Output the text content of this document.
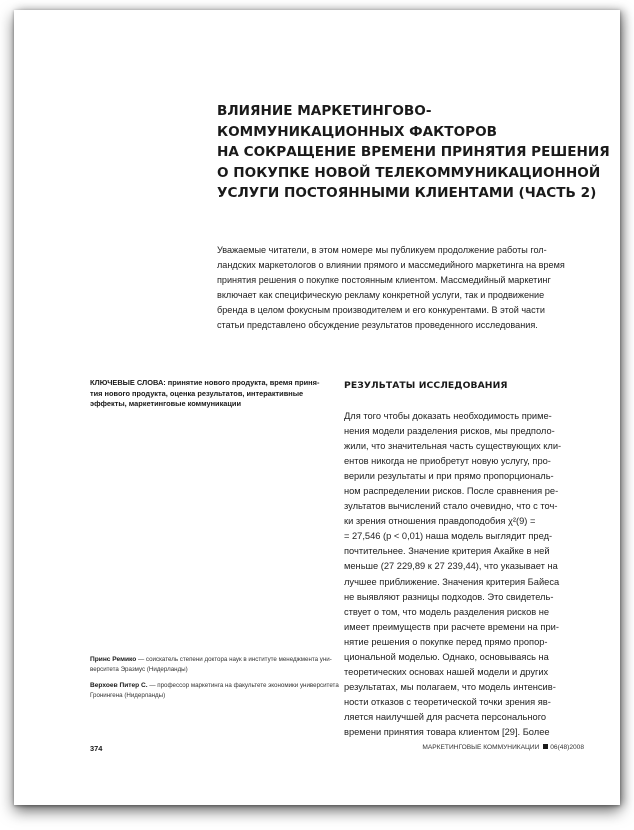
ВЛИЯНИЕ МАРКЕТИНГОВО-
КОММУНИКАЦИОННЫХ ФАКТОРОВ
НА СОКРАЩЕНИЕ ВРЕМЕНИ ПРИНЯТИЯ РЕШЕНИЯ
О ПОКУПКЕ НОВОЙ ТЕЛЕКОММУНИКАЦИОННОЙ
УСЛУГИ ПОСТОЯННЫМИ КЛИЕНТАМИ (ЧАСТЬ 2)

Уважаемые читатели, в этом номере мы публикуем продолжение работы гол-
ландских маркетологов о влиянии прямого и массмедийного маркетинга на время
принятия решения о покупке постоянным клиентом. Массмедийный маркетинг
включает как специфическую рекламу конкретной услуги, так и продвижение
бренда в целом фокусным производителем и его конкурентами. В этой части
статьи представлено обсуждение результатов проведенного исследования.

КЛЮЧЕВЫЕ СЛОВА: принятие нового продукта, время приня-
тия нового продукта, оценка результатов, интерактивные
эффекты, маркетинговые коммуникации

РЕЗУЛЬТАТЫ ИССЛЕДОВАНИЯ

Для того чтобы доказать необходимость приме-
нения модели разделения рисков, мы предполо-
жили, что значительная часть существующих кли-
ентов никогда не приобретут новую услугу, про-
верили результаты и при прямо пропорциональ-
ном распределении рисков. После сравнения ре-
зультатов вычислений стало очевидно, что с точ-
ки зрения отношения правдоподобия χ²(9) =
= 27,546 (p < 0,01) наша модель выглядит пред-
почтительнее. Значение критерия Акайке в ней
меньше (27 229,89 к 27 239,44), что указывает на
лучшее приближение. Значения критерия Байеса
не выявляют разницы подходов. Это свидетель-
ствует о том, что модель разделения рисков не
имеет преимуществ при расчете времени на при-
нятие решения о покупке перед прямо пропор-
циональной моделью. Однако, основываясь на
теоретических основах нашей модели и других
результатах, мы полагаем, что модель интенсив-
ности отказов с теоретической точки зрения яв-
ляется наилучшей для расчета персонального
времени принятия товара клиентом [29]. Более

Принс Ремико — соискатель степени доктора наук в институте менеджмента уни-
верситета Эразмус (Нидерланды)

Верхоев Питер С. — профессор маркетинга на факультете экономики университета
Гронингена (Нидерланды)

374	МАРКЕТИНГОВЫЕ КОММУНИКАЦИИ 06(48)2008
